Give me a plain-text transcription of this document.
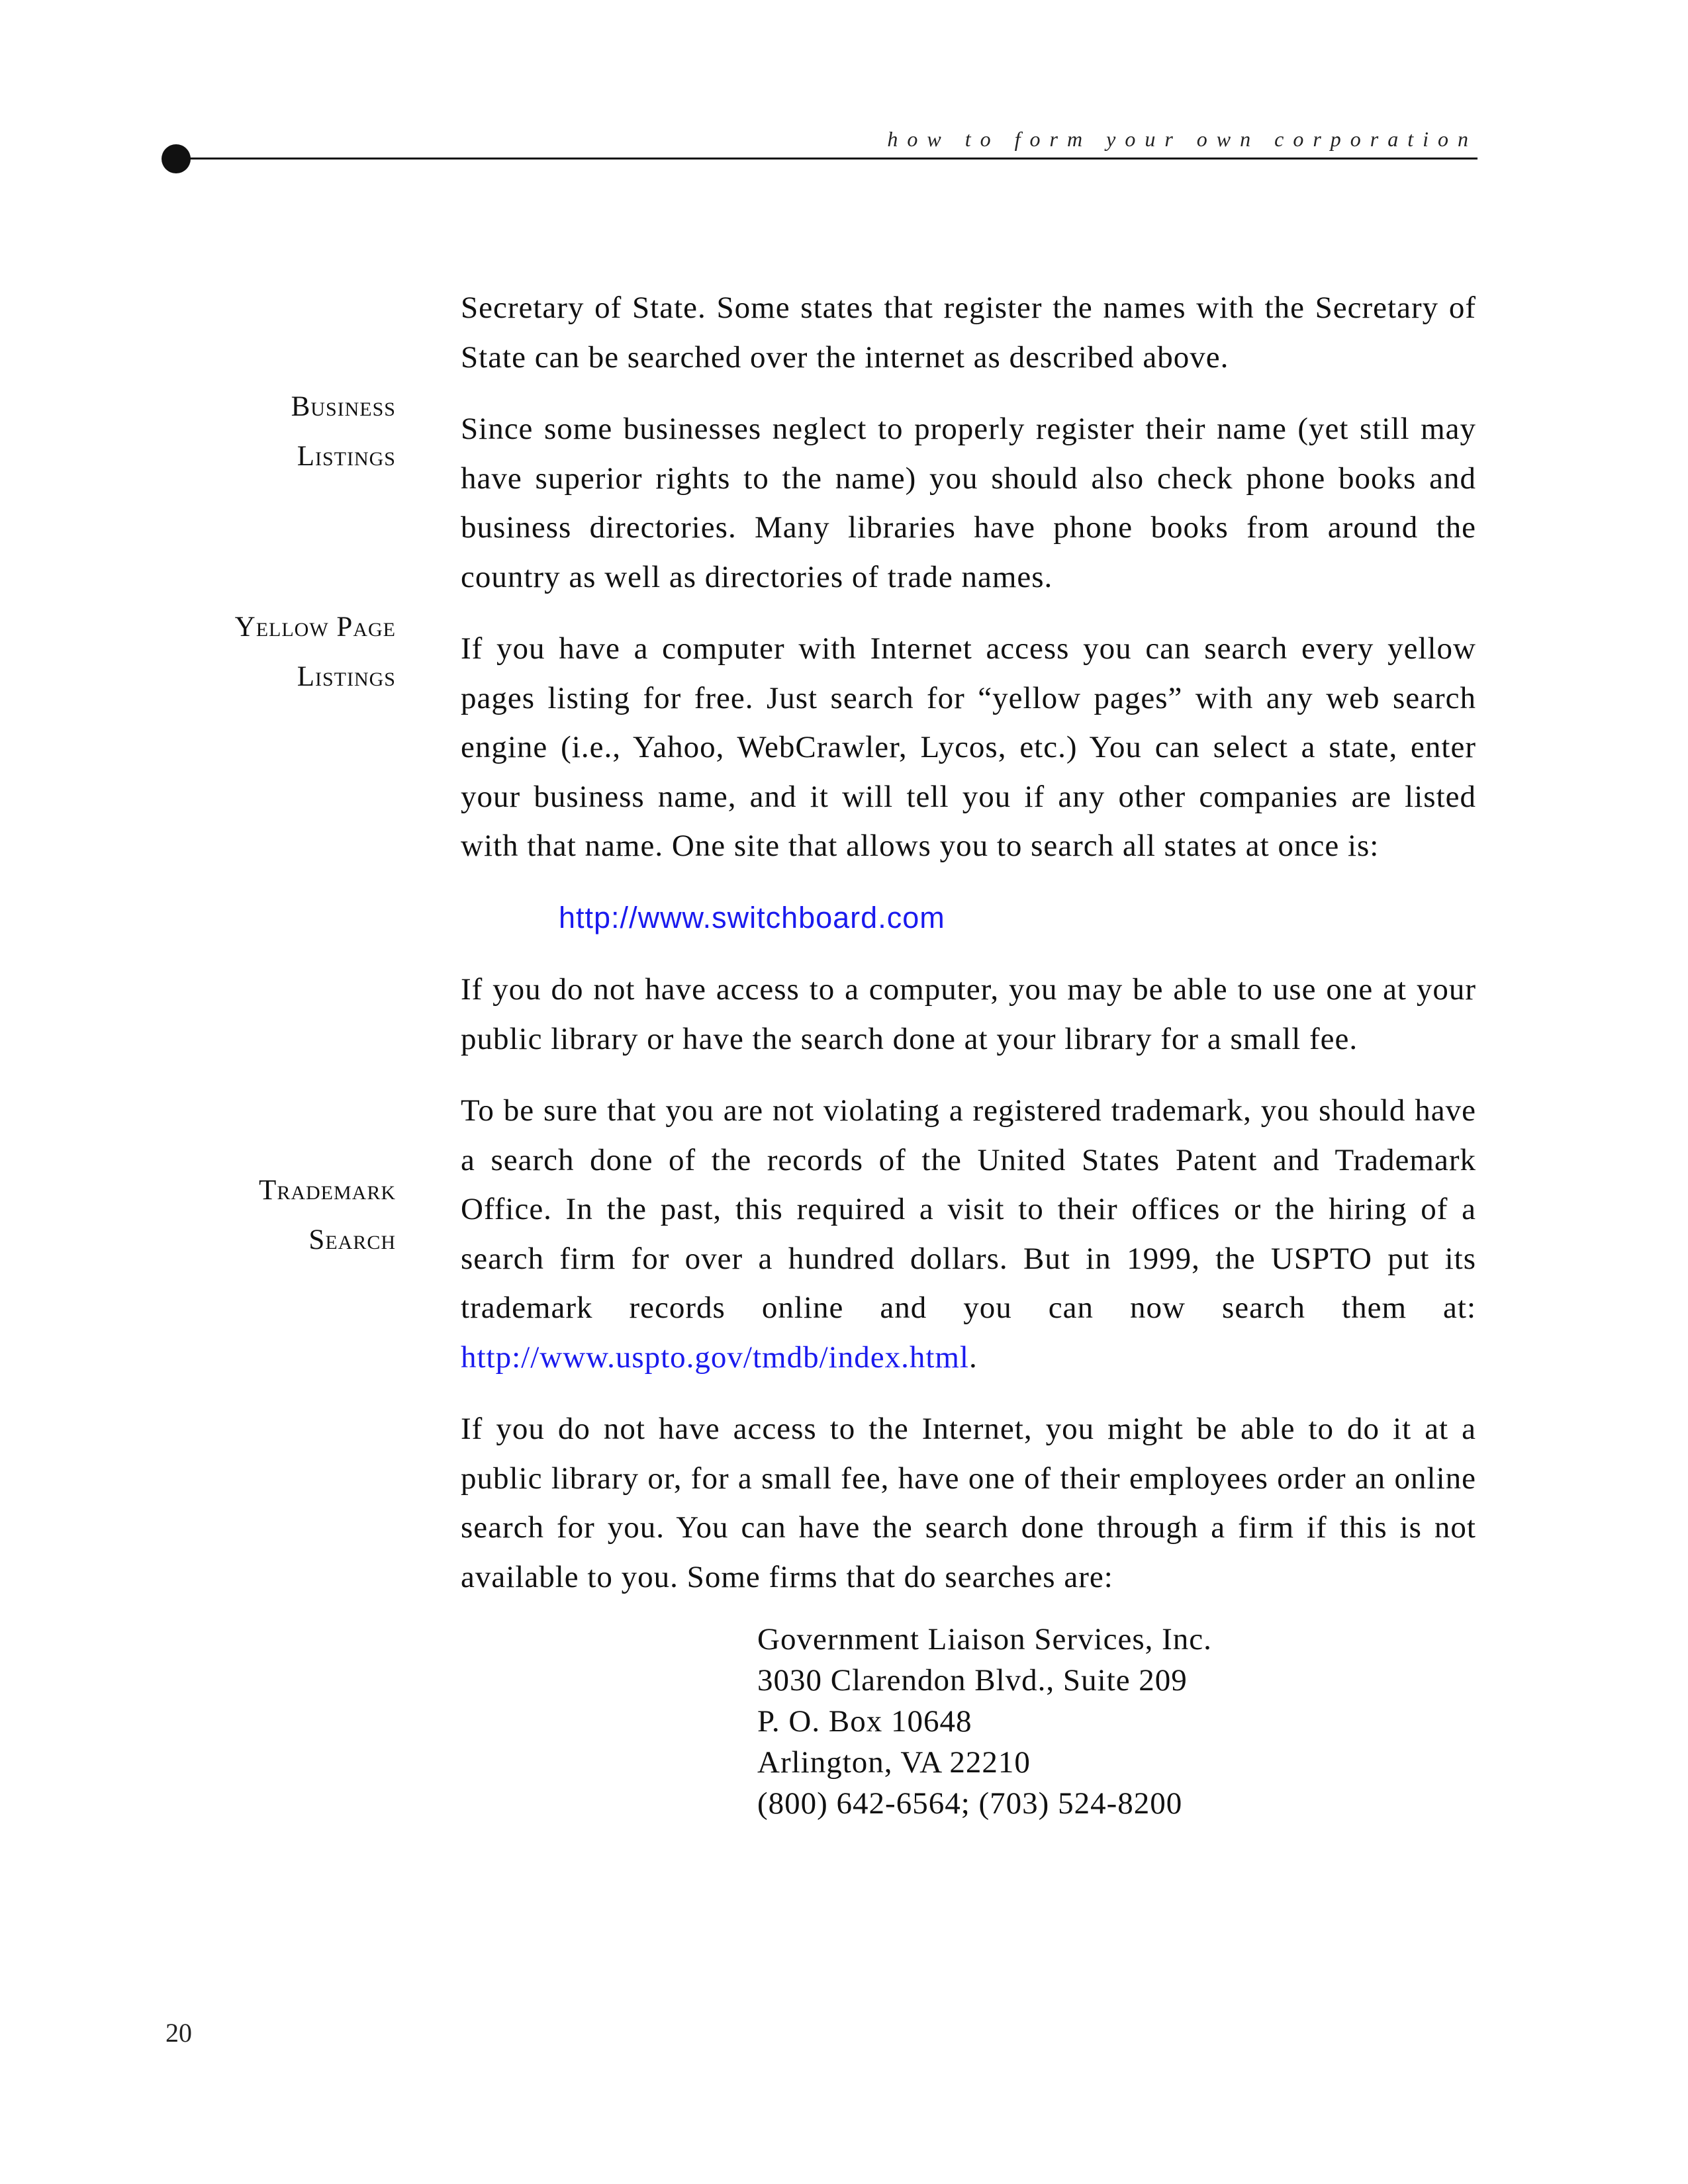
how to form your own corporation
Business
Listings
Yellow Page
Listings
Trademark
Search

Secretary of State. Some states that register the names with the Secretary of State can be searched over the internet as described above.

Since some businesses neglect to properly register their name (yet still may have superior rights to the name) you should also check phone books and business directories. Many libraries have phone books from around the country as well as directories of trade names.

If you have a computer with Internet access you can search every yellow pages listing for free. Just search for “yellow pages” with any web search engine (i.e., Yahoo, WebCrawler, Lycos, etc.) You can select a state, enter your business name, and it will tell you if any other companies are listed with that name. One site that allows you to search all states at once is:

http://www.switchboard.com

If you do not have access to a computer, you may be able to use one at your public library or have the search done at your library for a small fee.

To be sure that you are not violating a registered trademark, you should have a search done of the records of the United States Patent and Trademark Office. In the past, this required a visit to their offices or the hiring of a search firm for over a hundred dollars. But in 1999, the USPTO put its trademark records online and you can now search them at: http://www.uspto.gov/tmdb/index.html.

If you do not have access to the Internet, you might be able to do it at a public library or, for a small fee, have one of their employees order an online search for you. You can have the search done through a firm if this is not available to you. Some firms that do searches are:

Government Liaison Services, Inc.
3030 Clarendon Blvd., Suite 209
P. O. Box 10648
Arlington, VA 22210
(800) 642-6564; (703) 524-8200
20
